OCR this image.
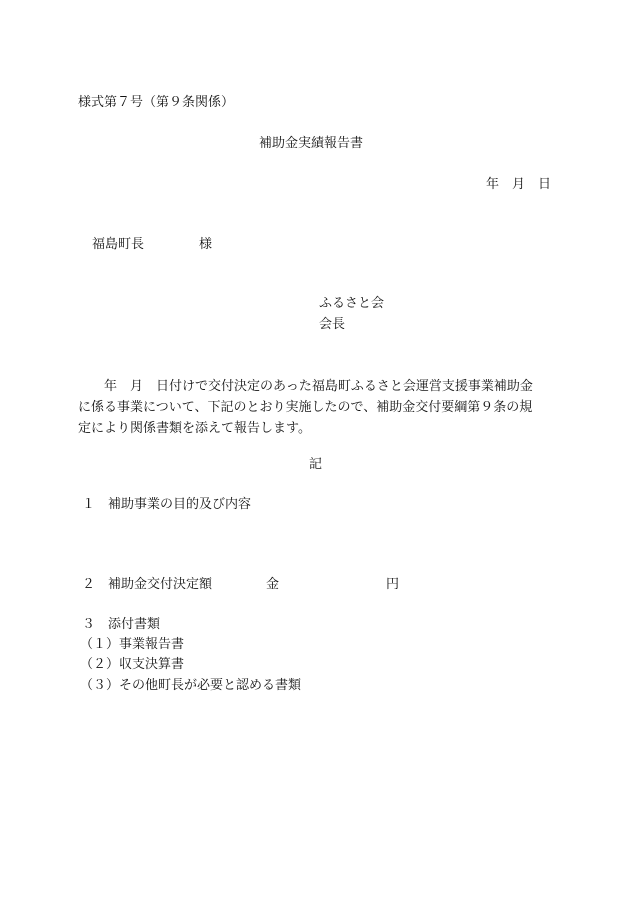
様式第７号（第９条関係）
補助金実績報告書
年　月　日
福島町長	様
ふるさと会
会長
　　年　月　日付けで交付決定のあった福島町ふるさと会運営支援事業補助金
に係る事業について、下記のとおり実施したので、補助金交付要綱第９条の規
定により関係書類を添えて報告します。
記
１　補助事業の目的及び内容
２　補助金交付決定額	金	円
３　添付書類
（１）事業報告書
（２）収支決算書
（３）その他町長が必要と認める書類
